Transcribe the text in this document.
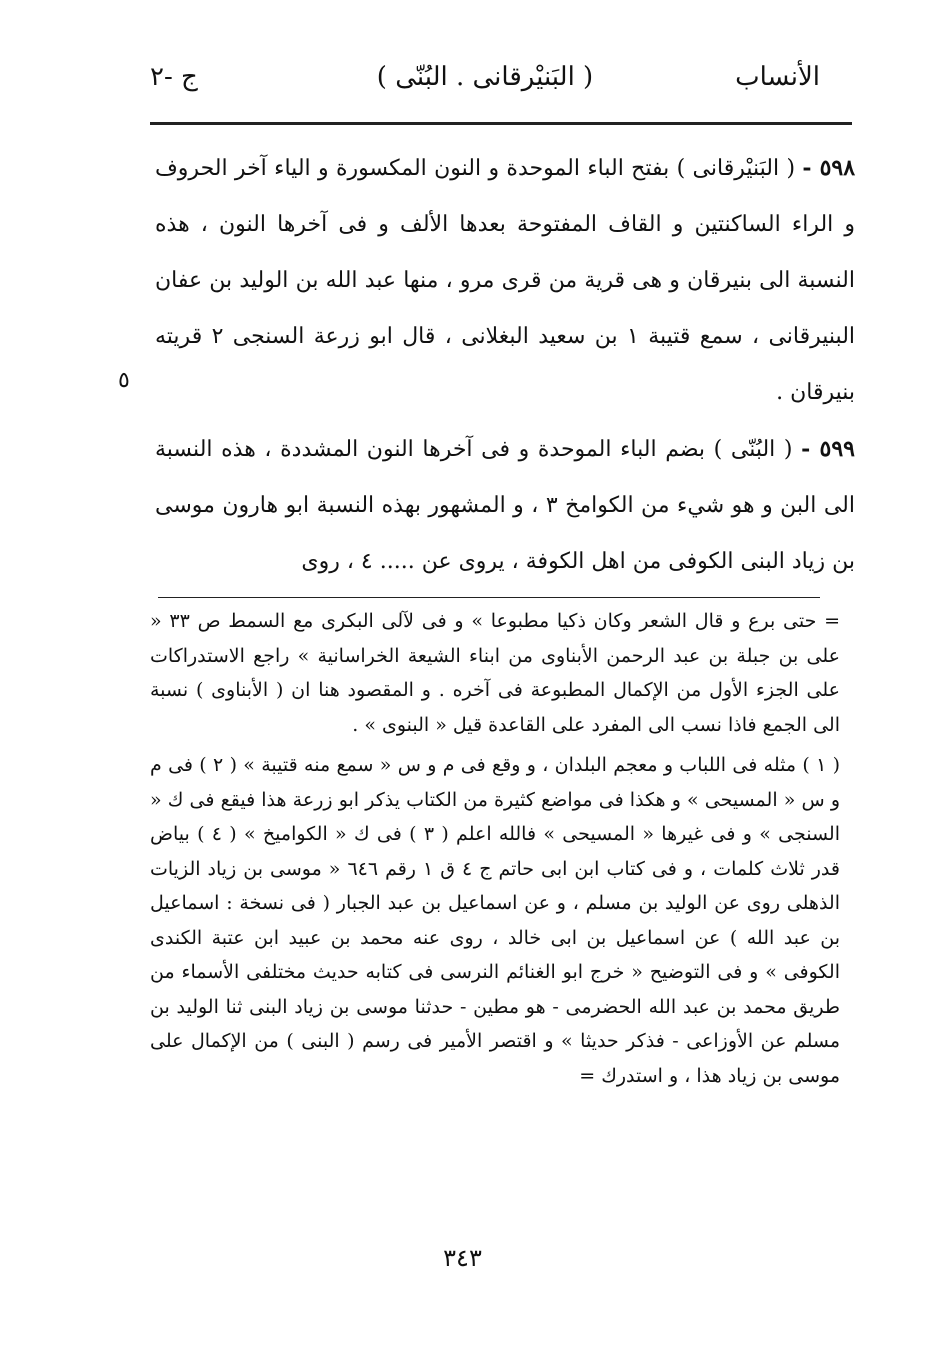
الأنساب
( البَنيْرقانى . البُنّى )
ج -٢

٥٩٨ - ( البَنيْرقانى ) بفتح الباء الموحدة و النون المكسورة و الياء آخر الحروف و الراء الساكنتين و القاف المفتوحة بعدها الألف و فى آخرها النون ، هذه النسبة الى بنيرقان و هى قرية من قرى مرو ، منها عبد الله بن الوليد بن عفان البنيرقانى ، سمع قتيبة ١ بن سعيد البغلانى ، قال ابو زرعة السنجى ٢ قريته بنيرقان .

٥٩٩ - ( البُنّى ) بضم الباء الموحدة و فى آخرها النون المشددة ، هذه النسبة الى البن و هو شيء من الكوامخ ٣ ، و المشهور بهذه النسبة ابو هارون موسى بن زياد البنى الكوفى من اهل الكوفة ، يروى عن ..... ٤ ، روى

٥

= حتى برع و قال الشعر وكان ذكيا مطبوعا » و فى لآلى البكرى مع السمط ص ٣٣ « على بن جبلة بن عبد الرحمن الأبناوى من ابناء الشيعة الخراسانية » راجع الاستدراكات على الجزء الأول من الإكمال المطبوعة فى آخره . و المقصود هنا ان ( الأبناوى ) نسبة الى الجمع فاذا نسب الى المفرد على القاعدة قيل « البنوى » .

( ١ ) مثله فى اللباب و معجم البلدان ، و وقع فى م و س « سمع منه قتيبة » ( ٢ ) فى م و س « المسيحى » و هكذا فى مواضع كثيرة من الكتاب يذكر ابو زرعة هذا فيقع فى ك « السنجى » و فى غيرها « المسيحى » فالله اعلم ( ٣ ) فى ك « الكواميخ » ( ٤ ) بياض قدر ثلاث كلمات ، و فى كتاب ابن ابى حاتم ج ٤ ق ١ رقم ٦٤٦ « موسى بن زياد الزيات الذهلى روى عن الوليد بن مسلم ، و عن اسماعيل بن عبد الجبار ( فى نسخة : اسماعيل بن عبد الله ) عن اسماعيل بن ابى خالد ، روى عنه محمد بن عبيد ابن عتبة الكندى الكوفى » و فى التوضيح « خرج ابو الغنائم النرسى فى كتابه حديث مختلفى الأسماء من طريق محمد بن عبد الله الحضرمى - هو مطين - حدثنا موسى بن زياد البنى ثنا الوليد بن مسلم عن الأوزاعى - فذكر حديثا » و اقتصر الأمير فى رسم ( البنى ) من الإكمال على موسى بن زياد هذا ، و استدرك =

٣٤٣
